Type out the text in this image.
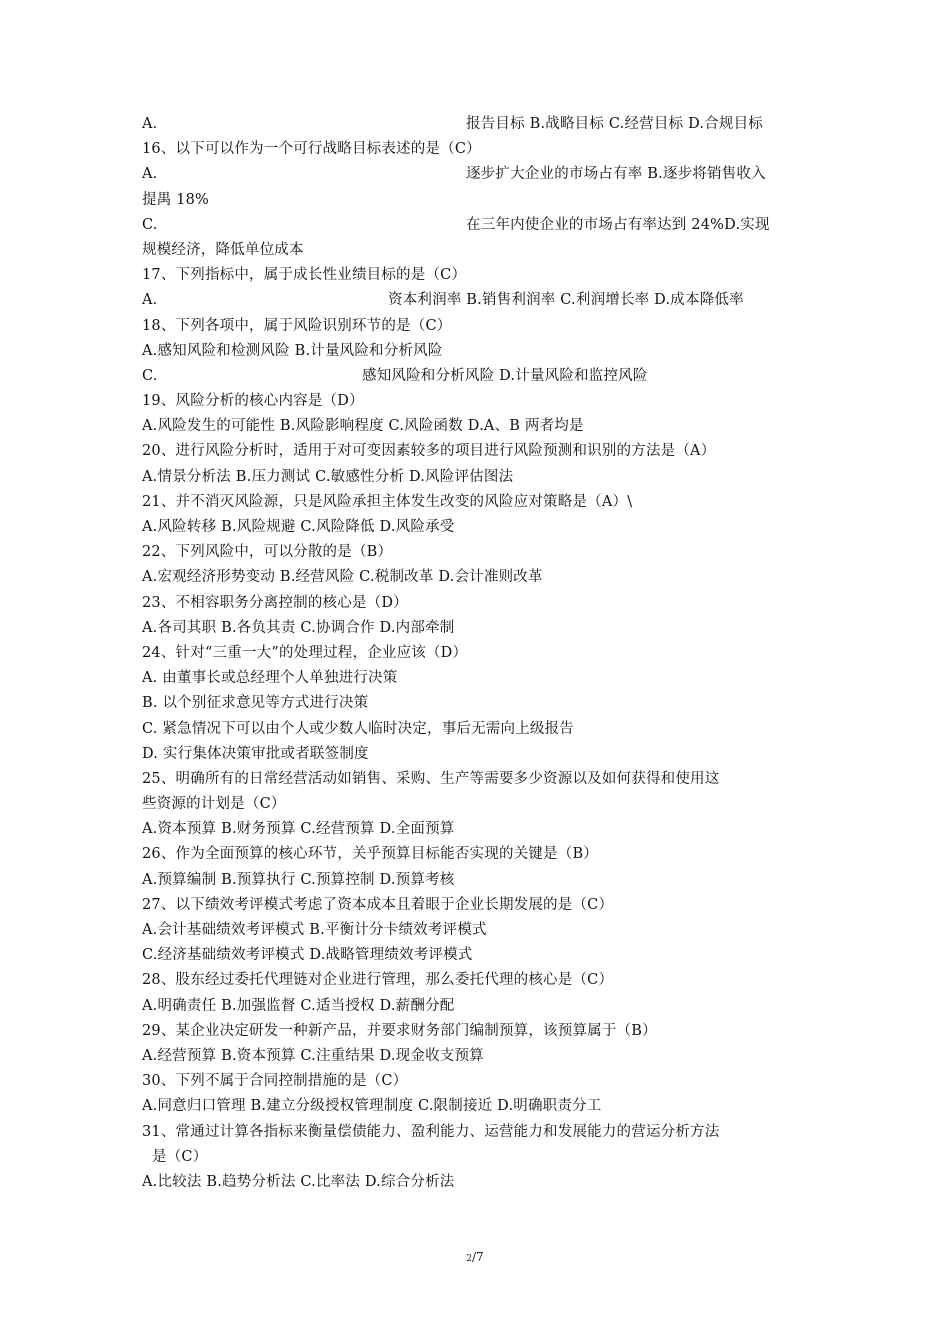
A.	报告目标 B.战略目标 C.经营目标 D.合规目标
16、以下可以作为一个可行战略目标表述的是（C）
A.	逐步扩大企业的市场占有率 B.逐步将销售收入
提禺 18%
C.	在三年内使企业的市场占有率达到 24%D.实现
规模经济，降低单位成本
17、下列指标中，属于成长性业绩目标的是（C）
A.	资本利润率 B.销售利润率 C.利润增长率 D.成本降低率
18、下列各项中，属于风险识别环节的是（C）
A.感知风险和检测风险 B.计量风险和分析风险
C.	感知风险和分析风险 D.计量风险和监控风险
19、风险分析的核心内容是（D）
A.风险发生的可能性 B.风险影响程度 C.风险函数 D.A、B 两者均是
20、进行风险分析时，适用于对可变因素较多的项目进行风险预测和识别的方法是（A）
A.情景分析法 B.压力测试 C.敏感性分析 D.风险评估图法
21、并不消灭风险源，只是风险承担主体发生改变的风险应对策略是（A）\
A.风险转移 B.风险规避 C.风险降低 D.风险承受
22、下列风险中，可以分散的是（B）
A.宏观经济形势变动 B.经营风险 C.税制改革 D.会计准则改革
23、不相容职务分离控制的核心是（D）
A.各司其职 B.各负其责 C.协调合作 D.内部牵制
24、针对“三重一大”的处理过程，企业应该（D）
A. 由董事长或总经理个人单独进行决策
B. 以个别征求意见等方式进行决策
C. 紧急情况下可以由个人或少数人临时决定，事后无需向上级报告
D. 实行集体决策审批或者联签制度
25、明确所有的日常经营活动如销售、采购、生产等需要多少资源以及如何获得和使用这
些资源的计划是（C）
A.资本预算 B.财务预算 C.经营预算 D.全面预算
26、作为全面预算的核心环节，关乎预算目标能否实现的关键是（B）
A.预算编制 B.预算执行 C.预算控制 D.预算考核
27、以下绩效考评模式考虑了资本成本且着眼于企业长期发展的是（C）
A.会计基础绩效考评模式 B.平衡计分卡绩效考评模式
C.经济基础绩效考评模式 D.战略管理绩效考评模式
28、股东经过委托代理链对企业进行管理，那么委托代理的核心是（C）
A.明确责任 B.加强监督 C.适当授权 D.薪酬分配
29、某企业决定研发一种新产品，并要求财务部门编制预算，该预算属于（B）
A.经营预算 B.资本预算 C.注重结果 D.现金收支预算
30、下列不属于合同控制措施的是（C）
A.同意归口管理 B.建立分级授权管理制度 C.限制接近 D.明确职责分工
31、常通过计算各指标来衡量偿债能力、盈利能力、运营能力和发展能力的营运分析方法
是（C）
A.比较法 B.趋势分析法 C.比率法 D.综合分析法
2/7
